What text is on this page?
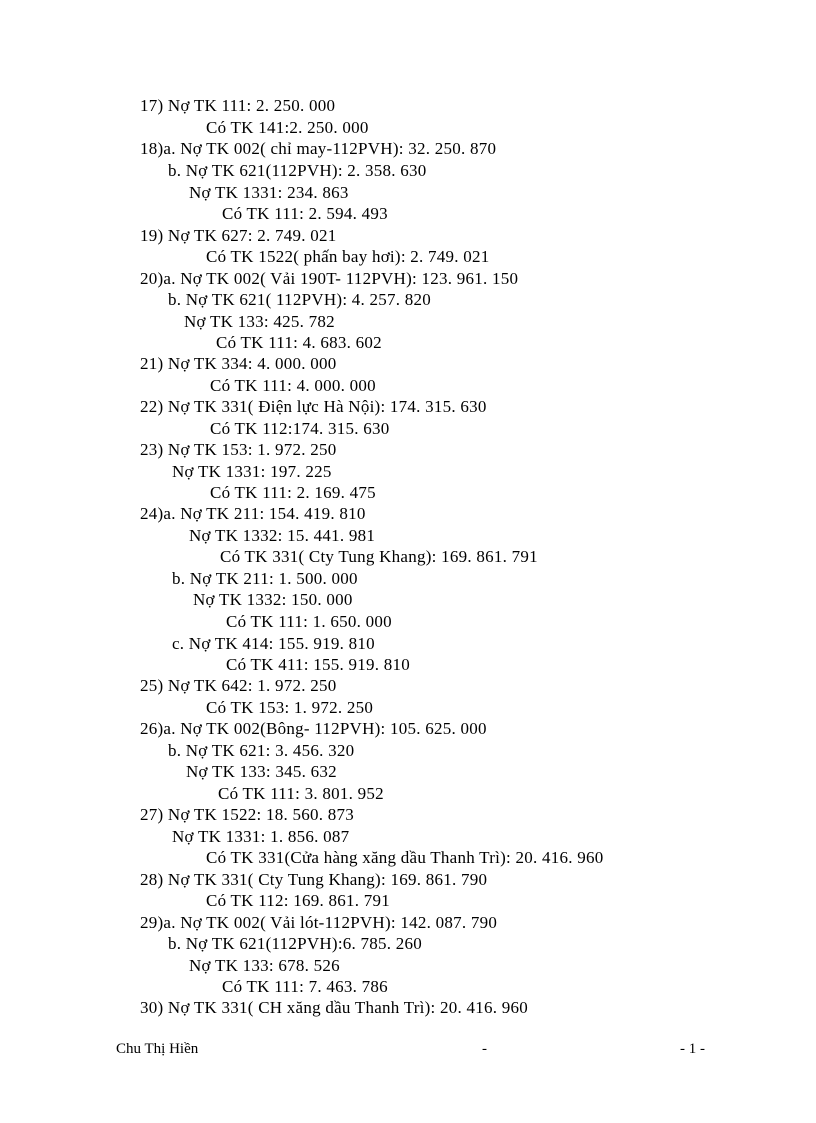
17) Nợ TK 111: 2. 250. 000
Có TK 141:2. 250. 000
18)a. Nợ TK 002( chỉ may-112PVH): 32. 250. 870
b. Nợ TK 621(112PVH): 2. 358. 630
Nợ TK 1331: 234. 863
Có TK 111: 2. 594. 493
19) Nợ TK 627: 2. 749. 021
Có TK 1522( phấn bay hơi): 2. 749. 021
20)a. Nợ TK 002( Vải 190T- 112PVH): 123. 961. 150
b. Nợ TK 621( 112PVH): 4. 257. 820
Nợ TK 133: 425. 782
Có TK 111: 4. 683. 602
21) Nợ TK 334: 4. 000. 000
Có TK 111: 4. 000. 000
22) Nợ TK 331( Điện lực Hà Nội): 174. 315. 630
Có TK 112:174. 315. 630
23) Nợ TK 153: 1. 972. 250
Nợ TK 1331: 197. 225
Có TK 111: 2. 169. 475
24)a. Nợ TK 211: 154. 419. 810
Nợ TK 1332: 15. 441. 981
Có TK 331( Cty Tung Khang): 169. 861. 791
b. Nợ TK 211: 1. 500. 000
Nợ TK 1332: 150. 000
Có TK 111: 1. 650. 000
c. Nợ TK 414: 155. 919. 810
Có TK 411: 155. 919. 810
25) Nợ TK 642: 1. 972. 250
Có TK 153: 1. 972. 250
26)a. Nợ TK 002(Bông- 112PVH): 105. 625. 000
b. Nợ TK 621: 3. 456. 320
Nợ TK 133: 345. 632
Có TK 111: 3. 801. 952
27) Nợ TK 1522: 18. 560. 873
Nợ TK 1331: 1. 856. 087
Có TK 331(Cửa hàng xăng dầu Thanh Trì): 20. 416. 960
28) Nợ TK 331( Cty Tung Khang): 169. 861. 790
Có TK 112: 169. 861. 791
29)a. Nợ TK 002( Vải lót-112PVH): 142. 087. 790
b. Nợ TK 621(112PVH):6. 785. 260
Nợ TK 133: 678. 526
Có TK 111: 7. 463. 786
30) Nợ TK 331( CH xăng dầu Thanh Trì): 20. 416. 960
Chu Thị Hiền	-	- 1 -
